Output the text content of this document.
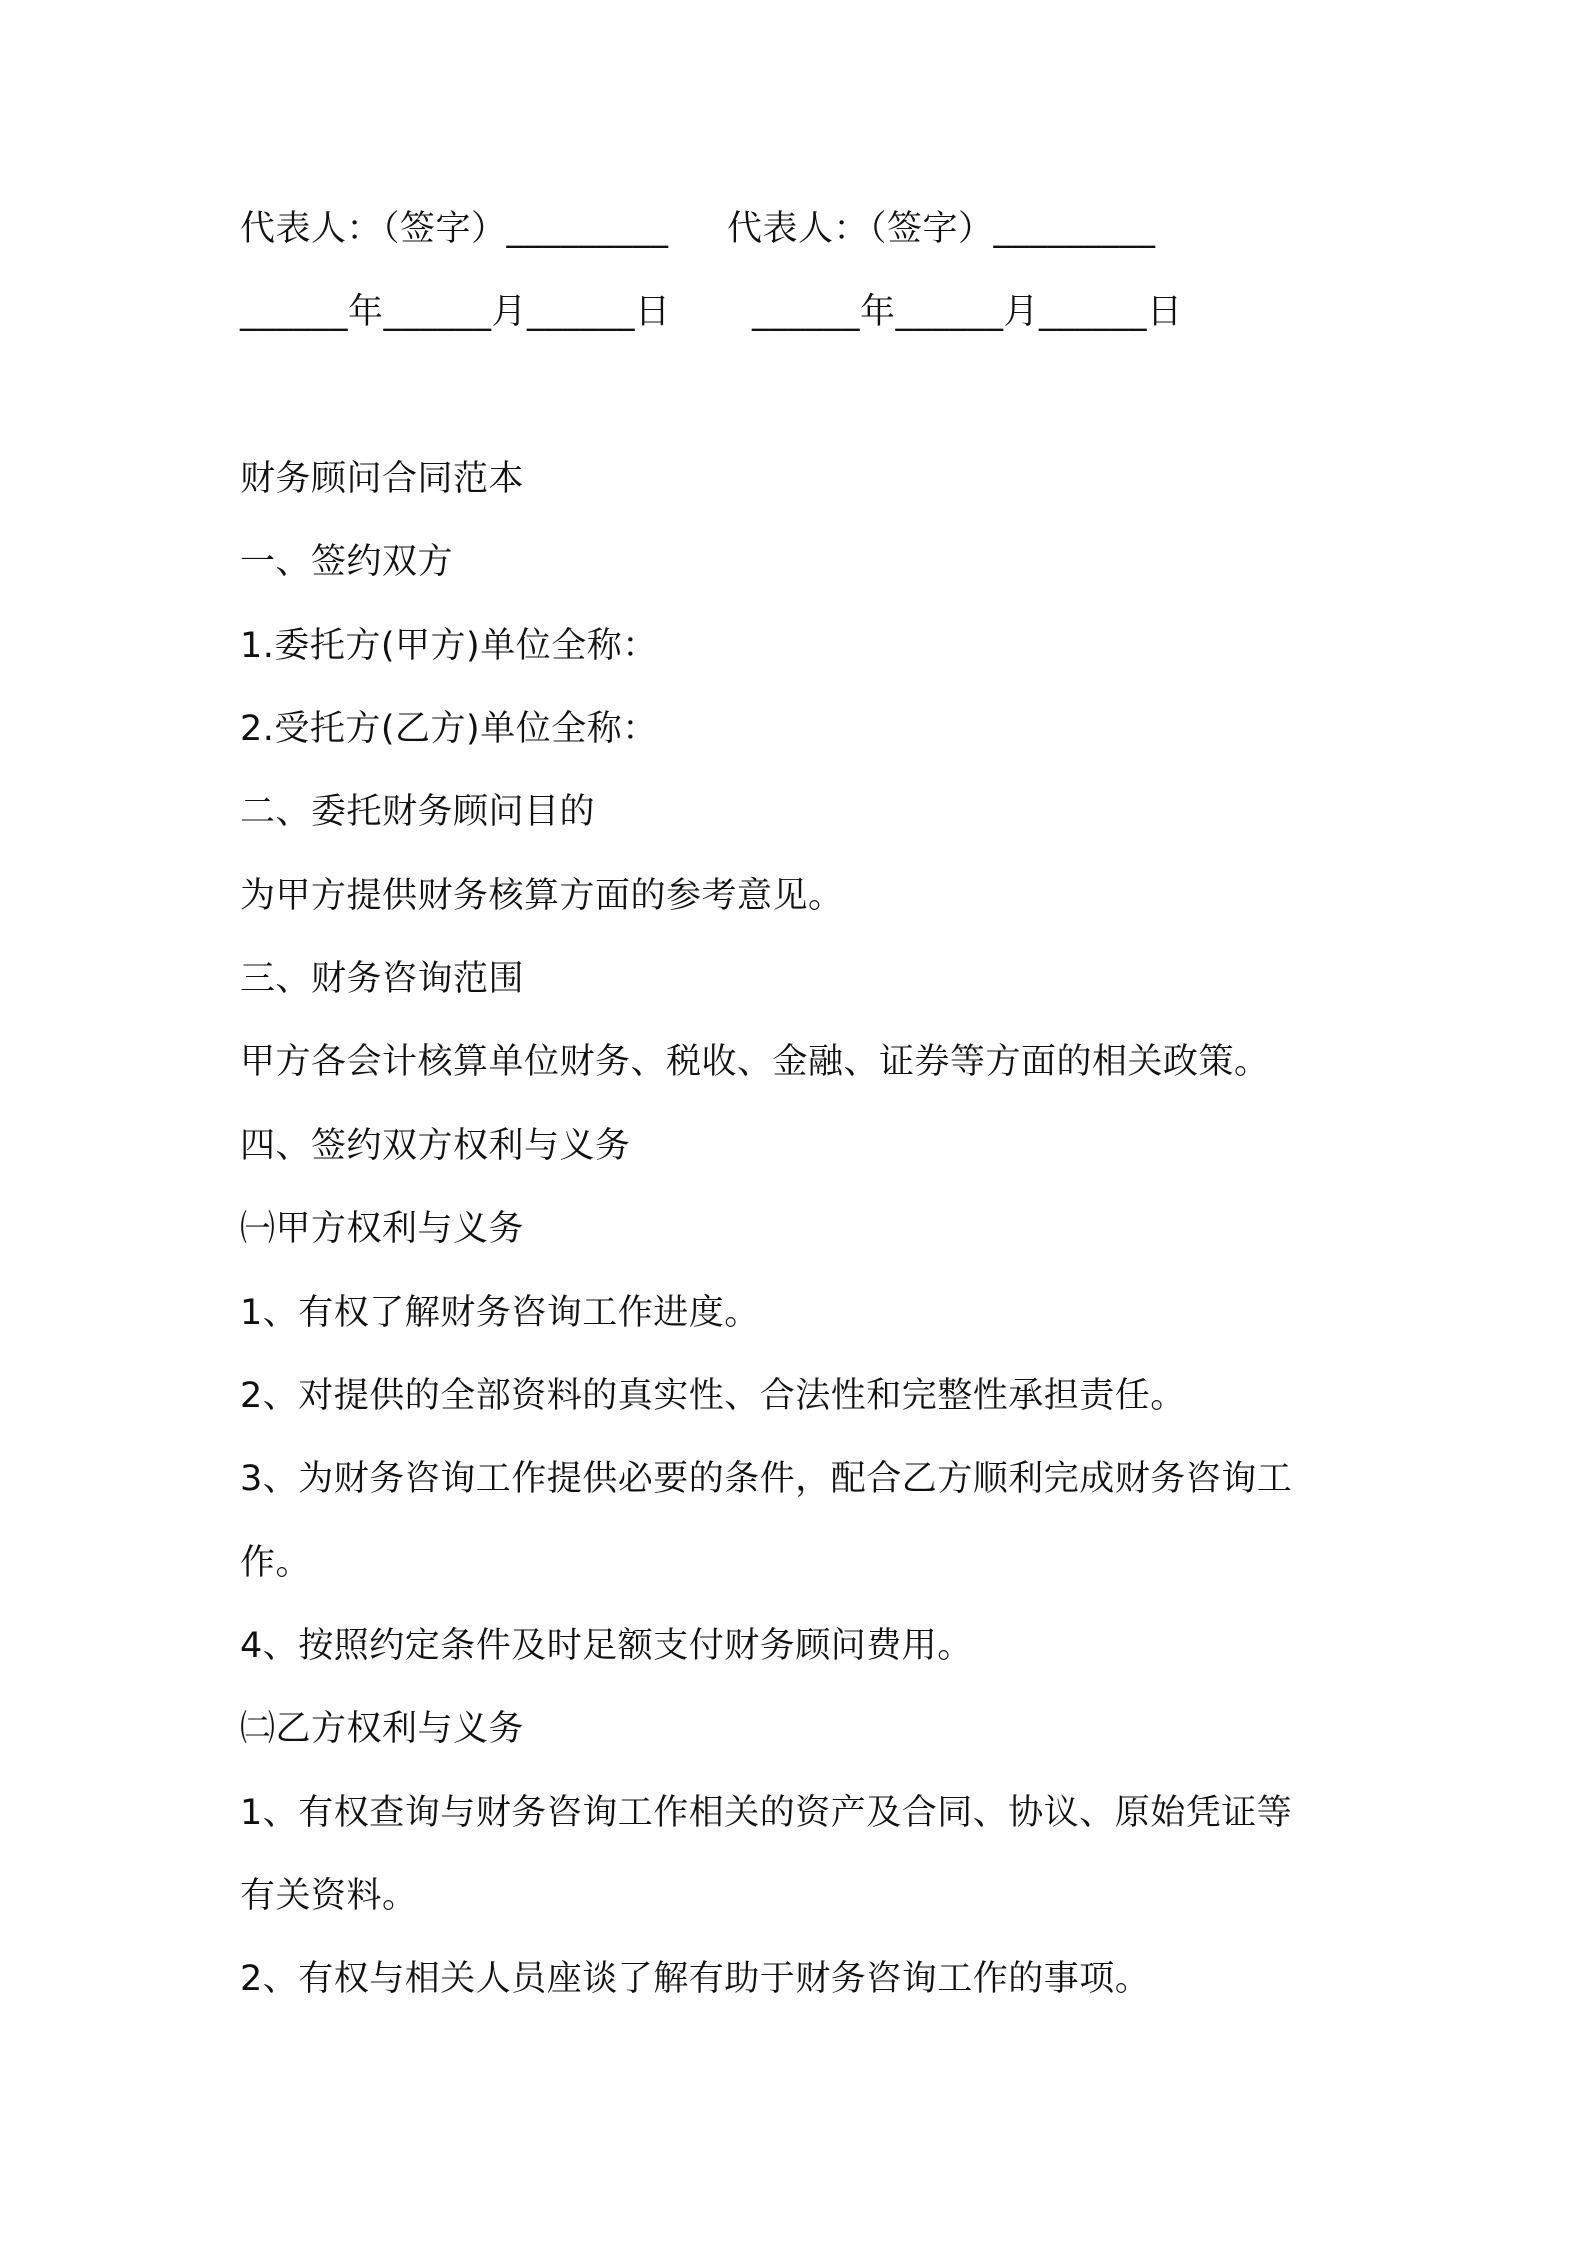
代表人：（签字）_________ 代表人：（签字）_________
______年______月______日 ______年______月______日
财务顾问合同范本
一、签约双方
1.委托方(甲方)单位全称：
2.受托方(乙方)单位全称：
二、委托财务顾问目的
为甲方提供财务核算方面的参考意见。
三、财务咨询范围
甲方各会计核算单位财务、税收、金融、证券等方面的相关政策。
四、签约双方权利与义务
㈠甲方权利与义务
1、有权了解财务咨询工作进度。
2、对提供的全部资料的真实性、合法性和完整性承担责任。
3、为财务咨询工作提供必要的条件，配合乙方顺利完成财务咨询工
作。
4、按照约定条件及时足额支付财务顾问费用。
㈡乙方权利与义务
1、有权查询与财务咨询工作相关的资产及合同、协议、原始凭证等
有关资料。
2、有权与相关人员座谈了解有助于财务咨询工作的事项。
